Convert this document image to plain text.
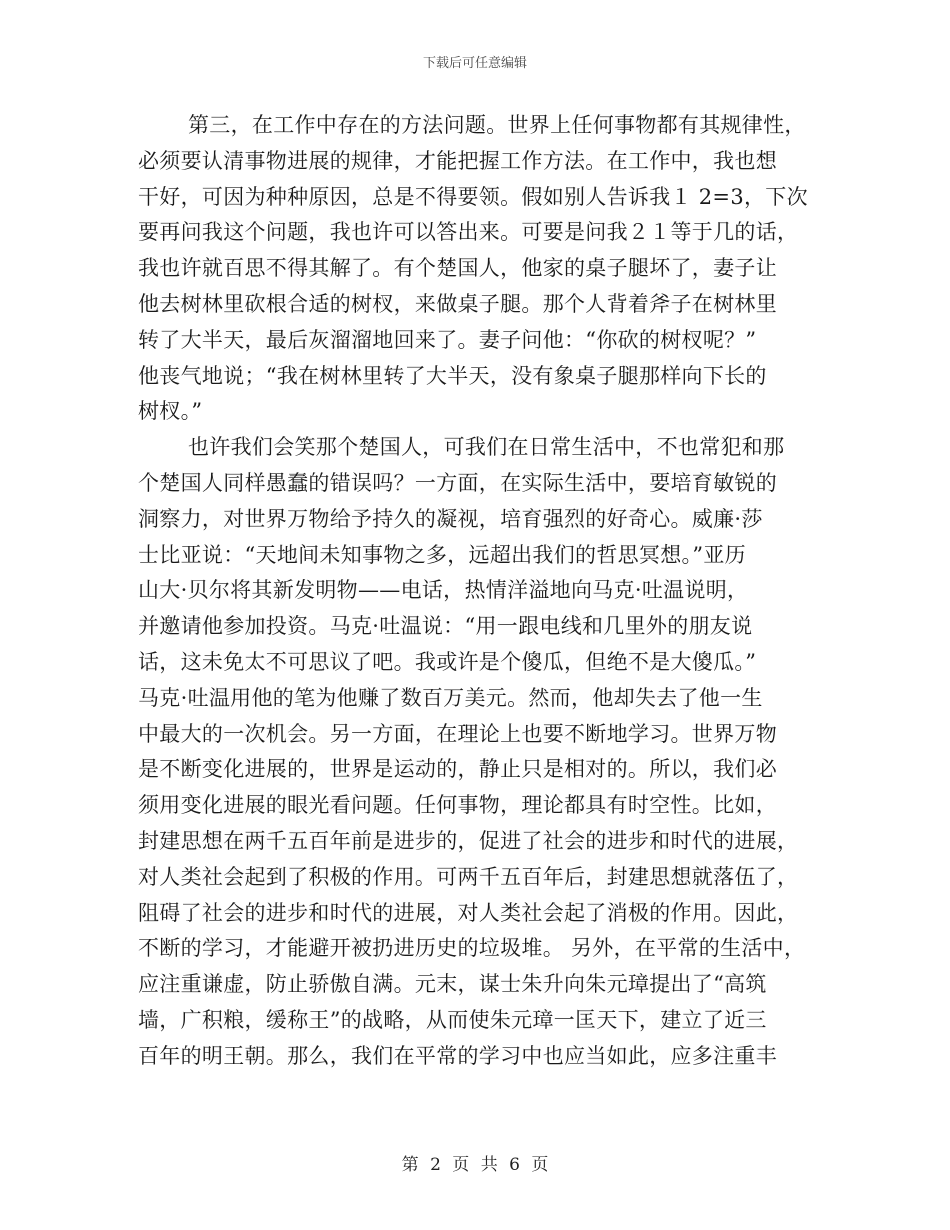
下载后可任意编辑
第三，在工作中存在的方法问题。世界上任何事物都有其规律性，
必须要认清事物进展的规律，才能把握工作方法。在工作中，我也想
干好，可因为种种原因，总是不得要领。假如别人告诉我１ 2=3，下次
要再问我这个问题，我也许可以答出来。可要是问我２１等于几的话，
我也许就百思不得其解了。有个楚国人，他家的桌子腿坏了，妻子让
他去树林里砍根合适的树杈，来做桌子腿。那个人背着斧子在树林里
转了大半天，最后灰溜溜地回来了。妻子问他：“你砍的树杈呢？”
他丧气地说；“我在树林里转了大半天，没有象桌子腿那样向下长的
树杈。”
也许我们会笑那个楚国人，可我们在日常生活中，不也常犯和那
个楚国人同样愚蠢的错误吗？一方面，在实际生活中，要培育敏锐的
洞察力，对世界万物给予持久的凝视，培育强烈的好奇心。威廉·莎
士比亚说：“天地间未知事物之多，远超出我们的哲思冥想。”亚历
山大·贝尔将其新发明物——电话，热情洋溢地向马克·吐温说明，
并邀请他参加投资。马克·吐温说：“用一跟电线和几里外的朋友说
话，这未免太不可思议了吧。我或许是个傻瓜，但绝不是大傻瓜。”
马克·吐温用他的笔为他赚了数百万美元。然而，他却失去了他一生
中最大的一次机会。另一方面，在理论上也要不断地学习。世界万物
是不断变化进展的，世界是运动的，静止只是相对的。所以，我们必
须用变化进展的眼光看问题。任何事物，理论都具有时空性。比如，
封建思想在两千五百年前是进步的，促进了社会的进步和时代的进展，
对人类社会起到了积极的作用。可两千五百年后，封建思想就落伍了，
阻碍了社会的进步和时代的进展，对人类社会起了消极的作用。因此，
不断的学习，才能避开被扔进历史的垃圾堆。 另外，在平常的生活中，
应注重谦虚，防止骄傲自满。元末，谋士朱升向朱元璋提出了“高筑
墙，广积粮，缓称王”的战略，从而使朱元璋一匡天下，建立了近三
百年的明王朝。那么，我们在平常的学习中也应当如此，应多注重丰
第 2 页 共 6 页
